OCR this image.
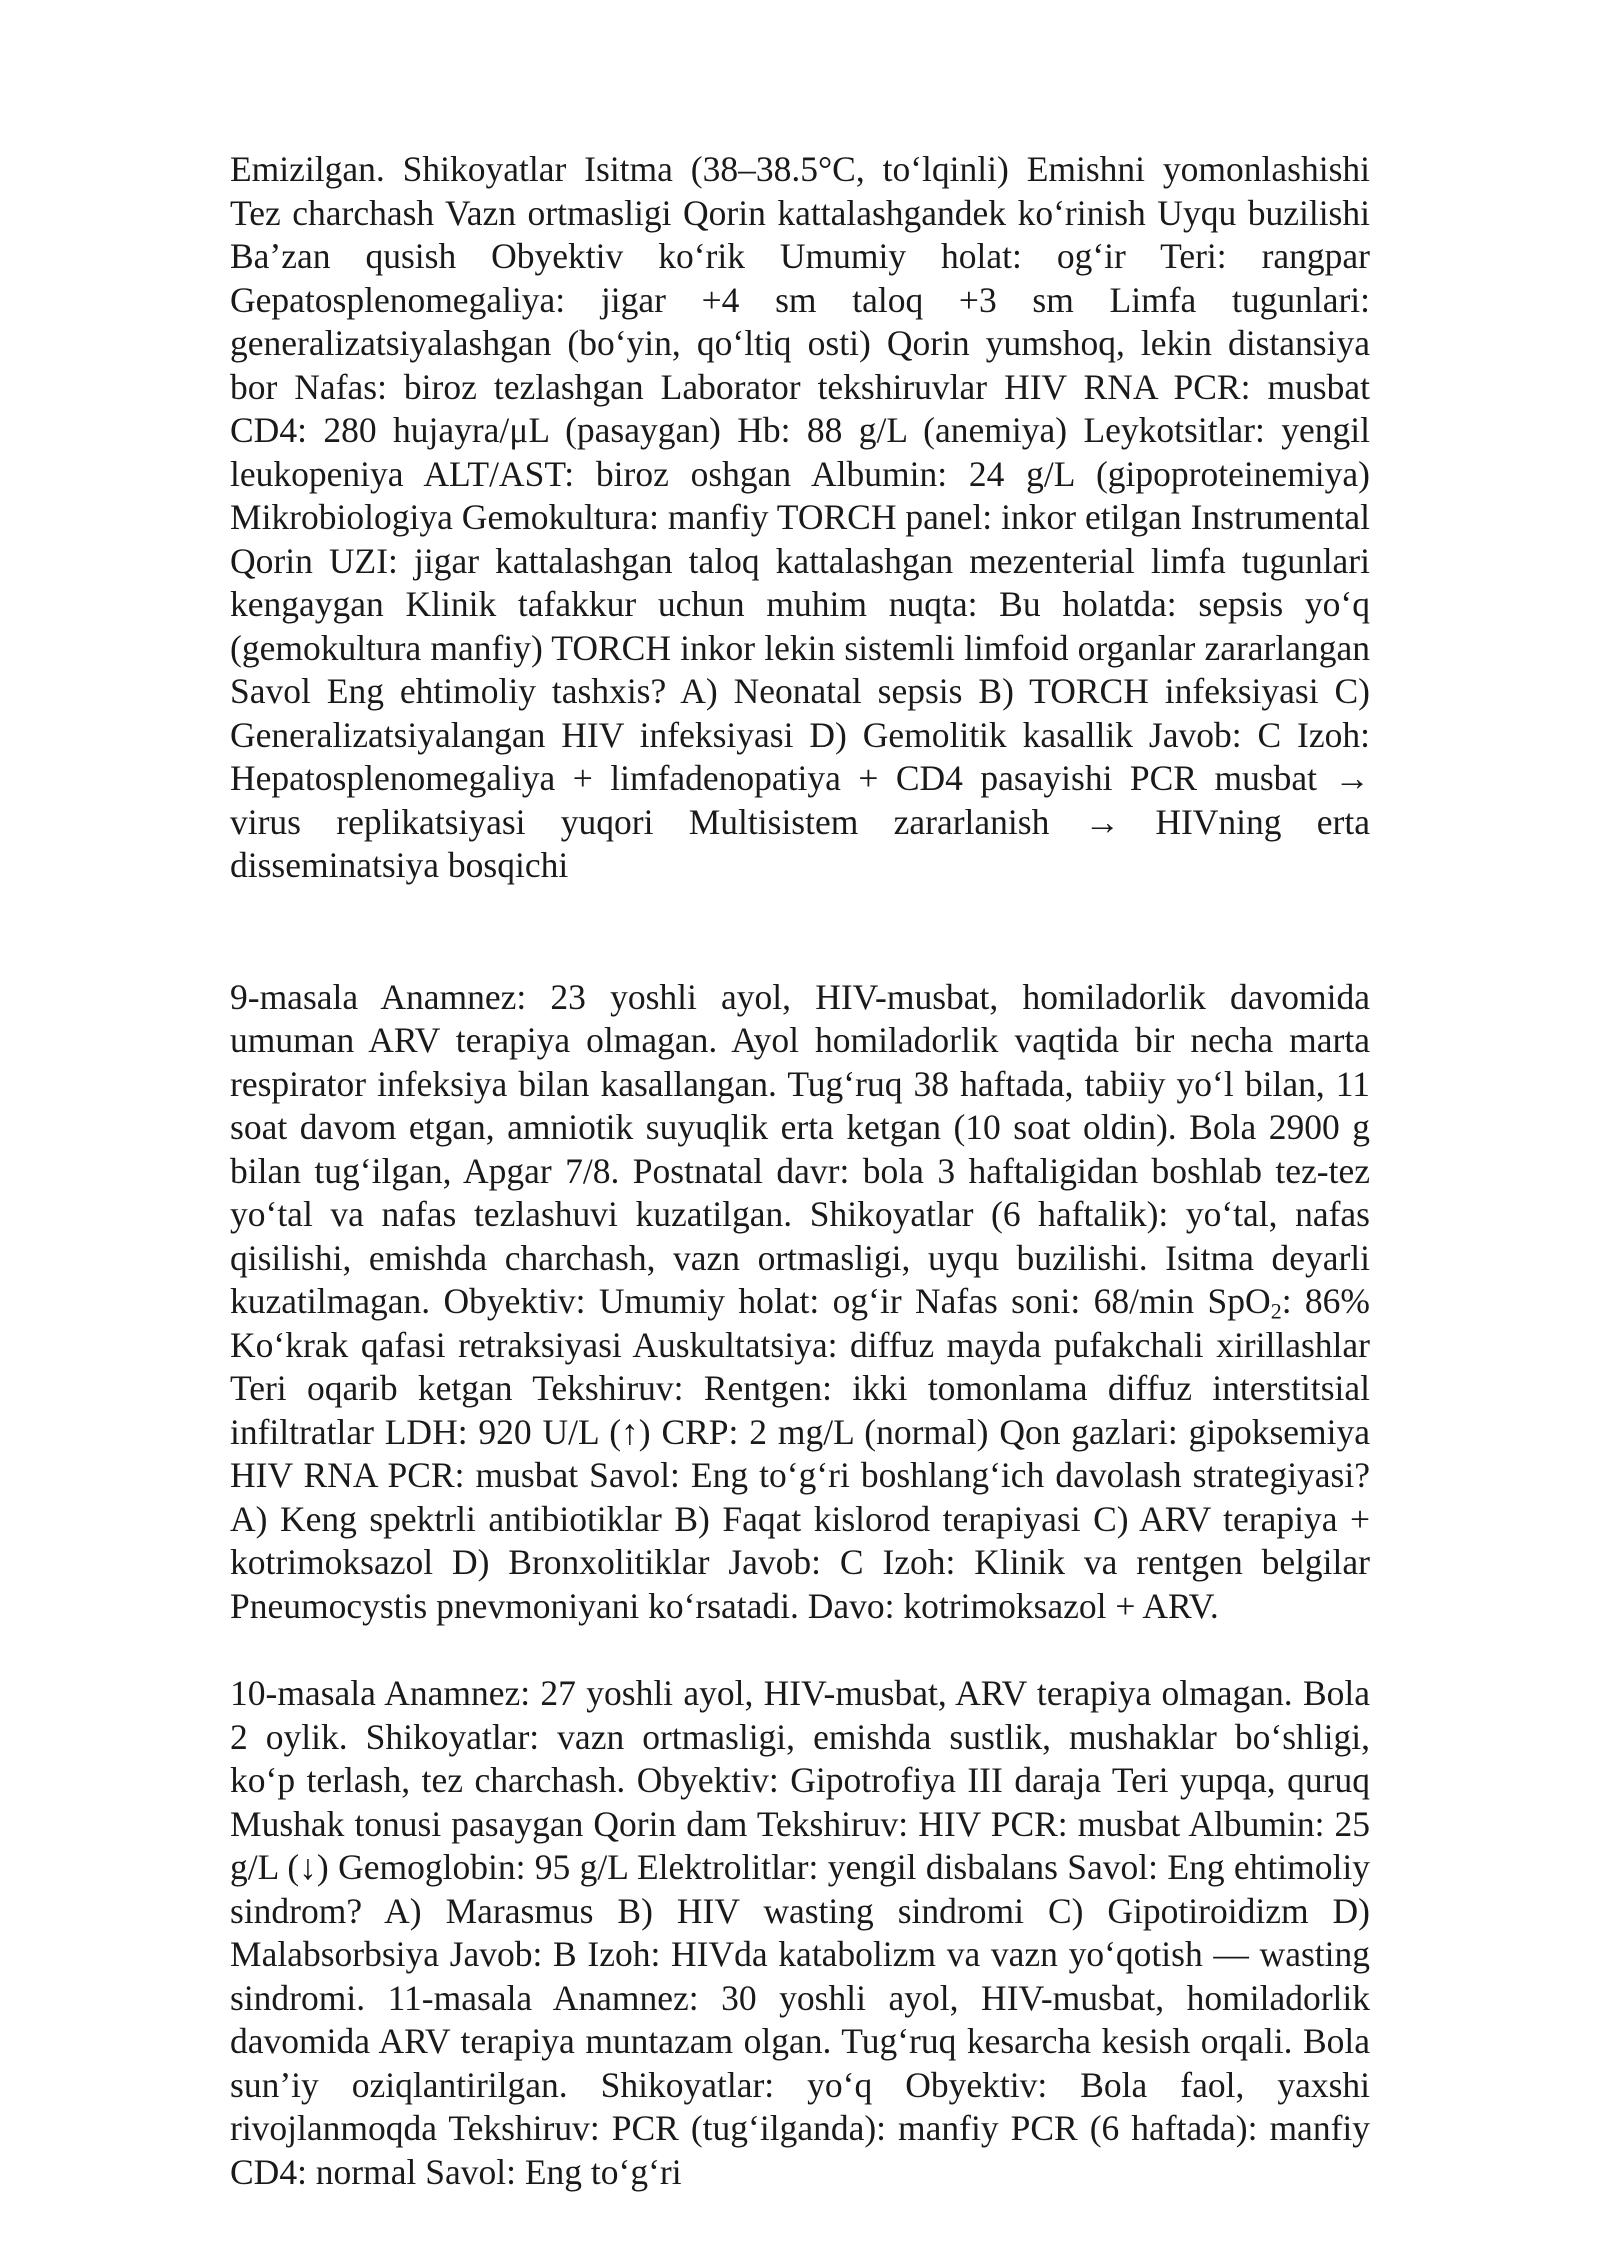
Emizilgan. Shikoyatlar Isitma (38–38.5°C, toʻlqinli) Emishni yomonlashishi Tez charchash Vazn ortmasligi Qorin kattalashgandek koʻrinish Uyqu buzilishi Baʼzan qusish Obyektiv koʻrik Umumiy holat: ogʻir Teri: rangpar Gepatosplenomegaliya: jigar +4 sm taloq +3 sm Limfa tugunlari: generalizatsiyalashgan (boʻyin, qoʻltiq osti) Qorin yumshoq, lekin distansiya bor Nafas: biroz tezlashgan Laborator tekshiruvlar HIV RNA PCR: musbat CD4: 280 hujayra/μL (pasaygan) Hb: 88 g/L (anemiya) Leykotsitlar: yengil leukopeniya ALT/AST: biroz oshgan Albumin: 24 g/L (gipoproteinemiya) Mikrobiologiya Gemokultura: manfiy TORCH panel: inkor etilgan Instrumental Qorin UZI: jigar kattalashgan taloq kattalashgan mezenterial limfa tugunlari kengaygan Klinik tafakkur uchun muhim nuqta: Bu holatda: sepsis yoʻq (gemokultura manfiy) TORCH inkor lekin sistemli limfoid organlar zararlangan Savol Eng ehtimoliy tashxis? A) Neonatal sepsis B) TORCH infeksiyasi C) Generalizatsiyalangan HIV infeksiyasi D) Gemolitik kasallik Javob: C Izoh: Hepatosplenomegaliya + limfadenopatiya + CD4 pasayishi PCR musbat → virus replikatsiyasi yuqori Multisistem zararlanish → HIVning erta disseminatsiya bosqichi

9-masala Anamnez: 23 yoshli ayol, HIV-musbat, homiladorlik davomida umuman ARV terapiya olmagan. Ayol homiladorlik vaqtida bir necha marta respirator infeksiya bilan kasallangan. Tugʻruq 38 haftada, tabiiy yoʻl bilan, 11 soat davom etgan, amniotik suyuqlik erta ketgan (10 soat oldin). Bola 2900 g bilan tugʻilgan, Apgar 7/8. Postnatal davr: bola 3 haftaligidan boshlab tez-tez yoʻtal va nafas tezlashuvi kuzatilgan. Shikoyatlar (6 haftalik): yoʻtal, nafas qisilishi, emishda charchash, vazn ortmasligi, uyqu buzilishi. Isitma deyarli kuzatilmagan. Obyektiv: Umumiy holat: ogʻir Nafas soni: 68/min SpO$_2$: 86% Koʻkrak qafasi retraksiyasi Auskultatsiya: diffuz mayda pufakchali xirillashlar Teri oqarib ketgan Tekshiruv: Rentgen: ikki tomonlama diffuz interstitsial infiltratlar LDH: 920 U/L (↑) CRP: 2 mg/L (normal) Qon gazlari: gipoksemiya HIV RNA PCR: musbat Savol: Eng toʻgʻri boshlangʻich davolash strategiyasi? A) Keng spektrli antibiotiklar B) Faqat kislorod terapiyasi C) ARV terapiya + kotrimoksazol D) Bronxolitiklar Javob: C Izoh: Klinik va rentgen belgilar Pneumocystis pnevmoniyani koʻrsatadi. Davo: kotrimoksazol + ARV.

10-masala Anamnez: 27 yoshli ayol, HIV-musbat, ARV terapiya olmagan. Bola 2 oylik. Shikoyatlar: vazn ortmasligi, emishda sustlik, mushaklar boʻshligi, koʻp terlash, tez charchash. Obyektiv: Gipotrofiya III daraja Teri yupqa, quruq Mushak tonusi pasaygan Qorin dam Tekshiruv: HIV PCR: musbat Albumin: 25 g/L (↓) Gemoglobin: 95 g/L Elektrolitlar: yengil disbalans Savol: Eng ehtimoliy sindrom? A) Marasmus B) HIV wasting sindromi C) Gipotiroidizm D) Malabsorbsiya Javob: B Izoh: HIVda katabolizm va vazn yoʻqotish — wasting sindromi. 11-masala Anamnez: 30 yoshli ayol, HIV-musbat, homiladorlik davomida ARV terapiya muntazam olgan. Tugʻruq kesarcha kesish orqali. Bola sunʼiy oziqlantirilgan. Shikoyatlar: yoʻq Obyektiv: Bola faol, yaxshi rivojlanmoqda Tekshiruv: PCR (tugʻilganda): manfiy PCR (6 haftada): manfiy CD4: normal Savol: Eng toʻgʻri
